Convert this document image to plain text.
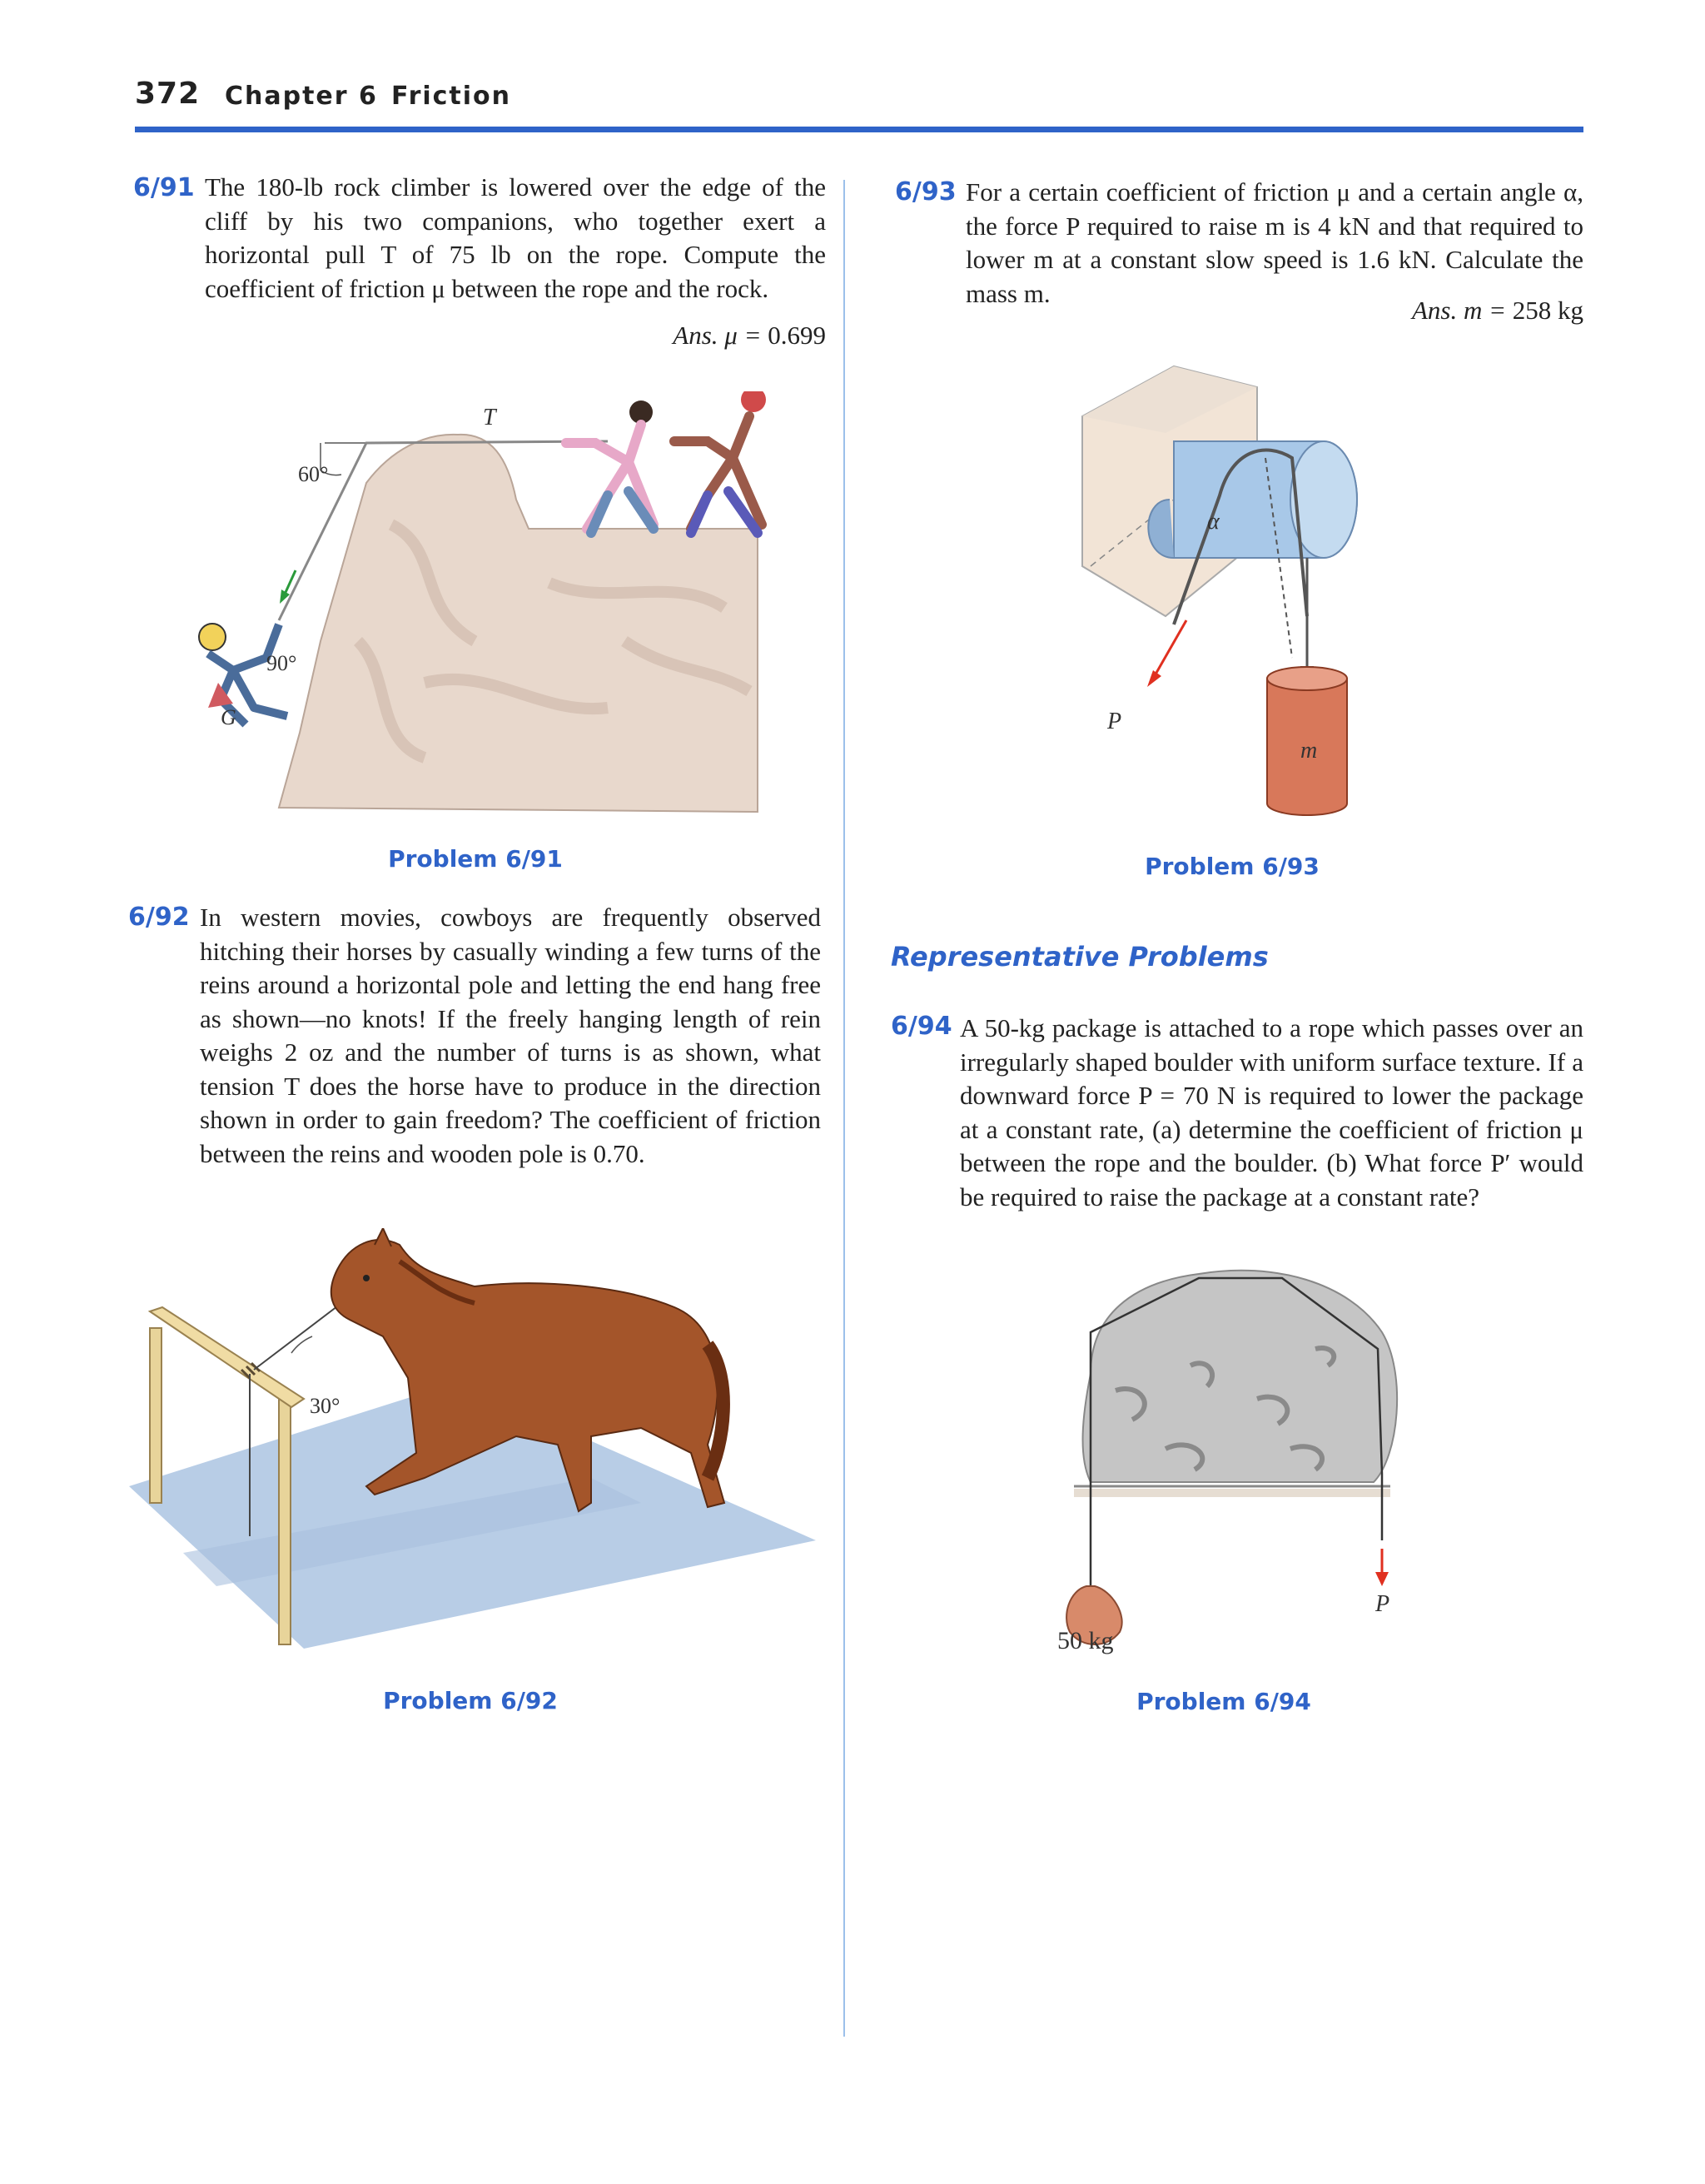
372 Chapter 6 Friction
6/91 The 180-lb rock climber is lowered over the edge of the cliff by his two companions, who together exert a horizontal pull T of 75 lb on the rope. Compute the coefficient of friction μ between the rope and the rock.
Ans. μ = 0.699
60°
90°
G
T
Problem 6/91
6/92 In western movies, cowboys are frequently observed hitching their horses by casually winding a few turns of the reins around a horizontal pole and letting the end hang free as shown—no knots! If the freely hanging length of rein weighs 2 oz and the number of turns is as shown, what tension T does the horse have to produce in the direction shown in order to gain freedom? The coefficient of friction between the reins and wooden pole is 0.70.
30°
Problem 6/92
6/93 For a certain coefficient of friction μ and a certain angle α, the force P required to raise m is 4 kN and that required to lower m at a constant slow speed is 1.6 kN. Calculate the mass m.
Ans. m = 258 kg
P
α
m
Problem 6/93
Representative Problems
6/94 A 50-kg package is attached to a rope which passes over an irregularly shaped boulder with uniform surface texture. If a downward force P = 70 N is required to lower the package at a constant rate, (a) determine the coefficient of friction μ between the rope and the boulder. (b) What force P′ would be required to raise the package at a constant rate?
P
50 kg
Problem 6/94
